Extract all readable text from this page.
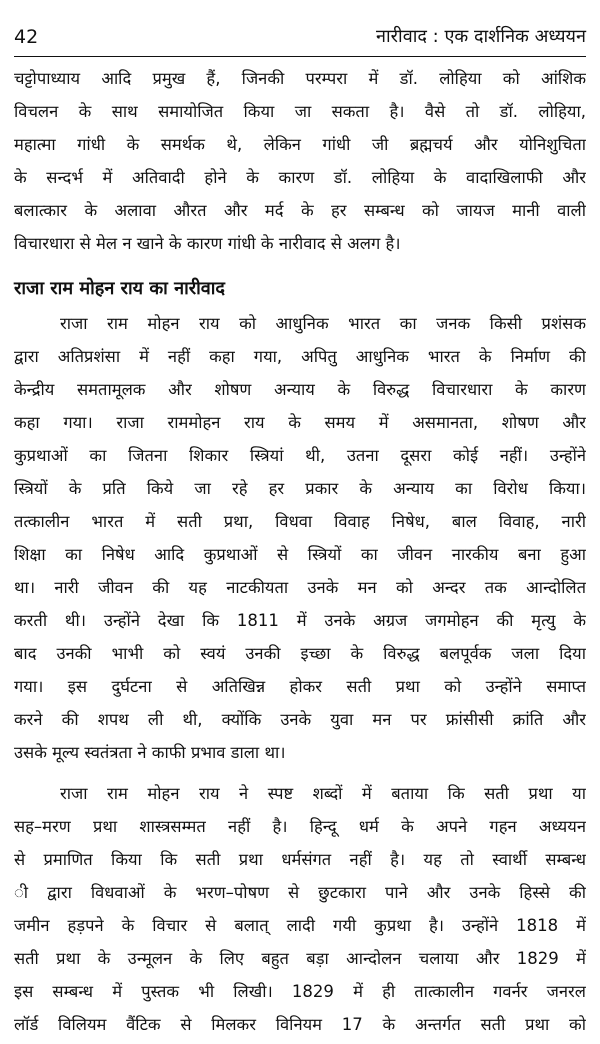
42	नारीवाद : एक दार्शनिक अध्ययन
चट्टोपाध्याय आदि प्रमुख हैं, जिनकी परम्परा में डॉ. लोहिया को आंशिक
विचलन के साथ समायोजित किया जा सकता है। वैसे तो डॉ. लोहिया,
महात्मा गांधी के समर्थक थे, लेकिन गांधी जी ब्रह्मचर्य और योनिशुचिता
के सन्दर्भ में अतिवादी होने के कारण डॉ. लोहिया के वादाखिलाफी और
बलात्कार के अलावा औरत और मर्द के हर सम्बन्ध को जायज मानी वाली
विचारधारा से मेल न खाने के कारण गांधी के नारीवाद से अलग है।
राजा राम मोहन राय का नारीवाद
राजा राम मोहन राय को आधुनिक भारत का जनक किसी प्रशंसक
द्वारा अतिप्रशंसा में नहीं कहा गया, अपितु आधुनिक भारत के निर्माण की
केन्द्रीय समतामूलक और शोषण अन्याय के विरुद्ध विचारधारा के कारण
कहा गया। राजा राममोहन राय के समय में असमानता, शोषण और
कुप्रथाओं का जितना शिकार स्त्रियां थी, उतना दूसरा कोई नहीं। उन्होंने
स्त्रियों के प्रति किये जा रहे हर प्रकार के अन्याय का विरोध किया।
तत्कालीन भारत में सती प्रथा, विधवा विवाह निषेध, बाल विवाह, नारी
शिक्षा का निषेध आदि कुप्रथाओं से स्त्रियों का जीवन नारकीय बना हुआ
था। नारी जीवन की यह नाटकीयता उनके मन को अन्दर तक आन्दोलित
करती थी। उन्होंने देखा कि 1811 में उनके अग्रज जगमोहन की मृत्यु के
बाद उनकी भाभी को स्वयं उनकी इच्छा के विरुद्ध बलपूर्वक जला दिया
गया। इस दुर्घटना से अतिखिन्न होकर सती प्रथा को उन्होंने समाप्त
करने की शपथ ली थी, क्योंकि उनके युवा मन पर फ्रांसीसी क्रांति और
उसके मूल्य स्वतंत्रता ने काफी प्रभाव डाला था।
राजा राम मोहन राय ने स्पष्ट शब्दों में बताया कि सती प्रथा या
सह–मरण प्रथा शास्त्रसम्मत नहीं है। हिन्दू धर्म के अपने गहन अध्ययन
से प्रमाणित किया कि सती प्रथा धर्मसंगत नहीं है। यह तो स्वार्थी सम्बन्ध
ी द्वारा विधवाओं के भरण–पोषण से छुटकारा पाने और उनके हिस्से की
जमीन हड़पने के विचार से बलात् लादी गयी कुप्रथा है। उन्होंने 1818 में
सती प्रथा के उन्मूलन के लिए बहुत बड़ा आन्दोलन चलाया और 1829 में
इस सम्बन्ध में पुस्तक भी लिखी। 1829 में ही तात्कालीन गवर्नर जनरल
लॉर्ड विलियम वैंटिक से मिलकर विनियम 17 के अन्तर्गत सती प्रथा को
